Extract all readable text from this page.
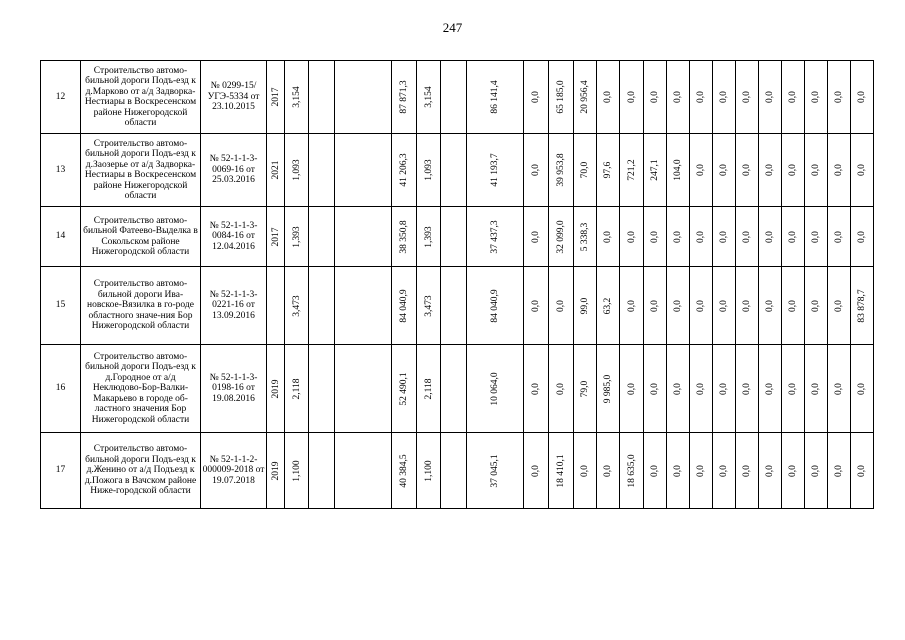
247
12	Строительство автомо-бильной дороги Подъ-езд к д.Марково от а/д Задворка-Нестиары в Воскресенском районе Нижегородской области	№ 0299-15/УГЭ-5334 от 23.10.2015	2017	3,154			87 871,3	3,154		86 141,4	0,0	65 185,0	20 956,4	0,0	0,0	0,0	0,0	0,0	0,0	0,0	0,0	0,0	0,0	0,0	0,0

13	Строительство автомо-бильной дороги Подъ-езд к д.Заозерье от а/д Задворка-Нестиары в Воскресенском районе Нижегородской области	№ 52-1-1-3-0069-16 от 25.03.2016	2021	1,093			41 206,3	1,093		41 193,7	0,0	39 953,8	70,0	97,6	721,2	247,1	104,0	0,0	0,0	0,0	0,0	0,0	0,0	0,0	0,0

14	Строительство автомо-бильной Фатеево-Выделка в Сокольском районе Нижегородской области	№ 52-1-1-3-0084-16 от 12.04.2016	2017	1,393			38 350,8	1,393		37 437,3	0,0	32 099,0	5 338,3	0,0	0,0	0,0	0,0	0,0	0,0	0,0	0,0	0,0	0,0	0,0	0,0

15	Строительство автомо-бильной дороги Ива-новское-Вязилка в го-роде областного значе-ния Бор Нижегородской области	№ 52-1-1-3-0221-16 от 13.09.2016		3,473			84 040,9	3,473		84 040,9	0,0	0,0	99,0	63,2	0,0	0,0	0,0	0,0	0,0	0,0	0,0	0,0	0,0	0,0	83 878,7

16	Строительство автомо-бильной дороги Подъ-езд к д.Городное от а/д Неклюдово-Бор-Валки-Макарьево в городе об-ластного значения Бор Нижегородской области	№ 52-1-1-3-0198-16 от 19.08.2016	2019	2,118			52 490,1	2,118		10 064,0	0,0	0,0	79,0	9 985,0	0,0	0,0	0,0	0,0	0,0	0,0	0,0	0,0	0,0	0,0	0,0

17	Строительство автомо-бильной дороги Подъ-езд к д.Женино от а/д Подъезд к д.Пожога в Вачском районе Ниже-городской области	№ 52-1-1-2-000009-2018 от 19.07.2018	2019	1,100			40 384,5	1,100		37 045,1	0,0	18 410,1	0,0	0,0	18 635,0	0,0	0,0	0,0	0,0	0,0	0,0	0,0	0,0	0,0	0,0
